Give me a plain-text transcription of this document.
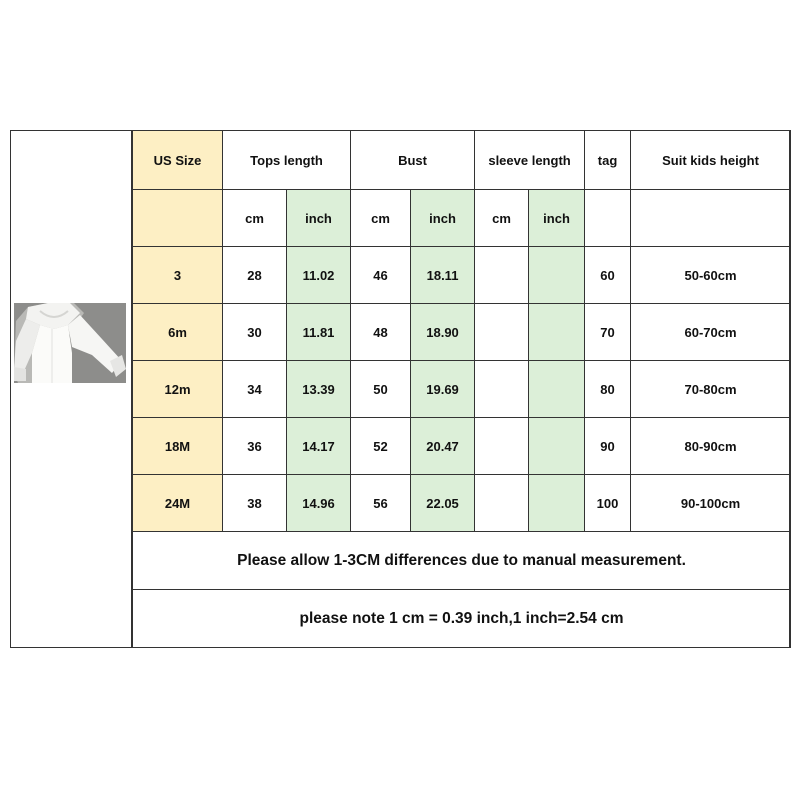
US Size	Tops length		Bust		sleeve length		tag	Suit kids height
	cm	inch	cm	inch	cm	inch		
3	28	11.02	46	18.11			60	50-60cm
6m	30	11.81	48	18.90			70	60-70cm
12m	34	13.39	50	19.69			80	70-80cm
18M	36	14.17	52	20.47			90	80-90cm
24M	38	14.96	56	22.05			100	90-100cm
Please allow 1-3CM differences due to manual measurement.								
please note 1 cm = 0.39 inch,1 inch=2.54 cm								
